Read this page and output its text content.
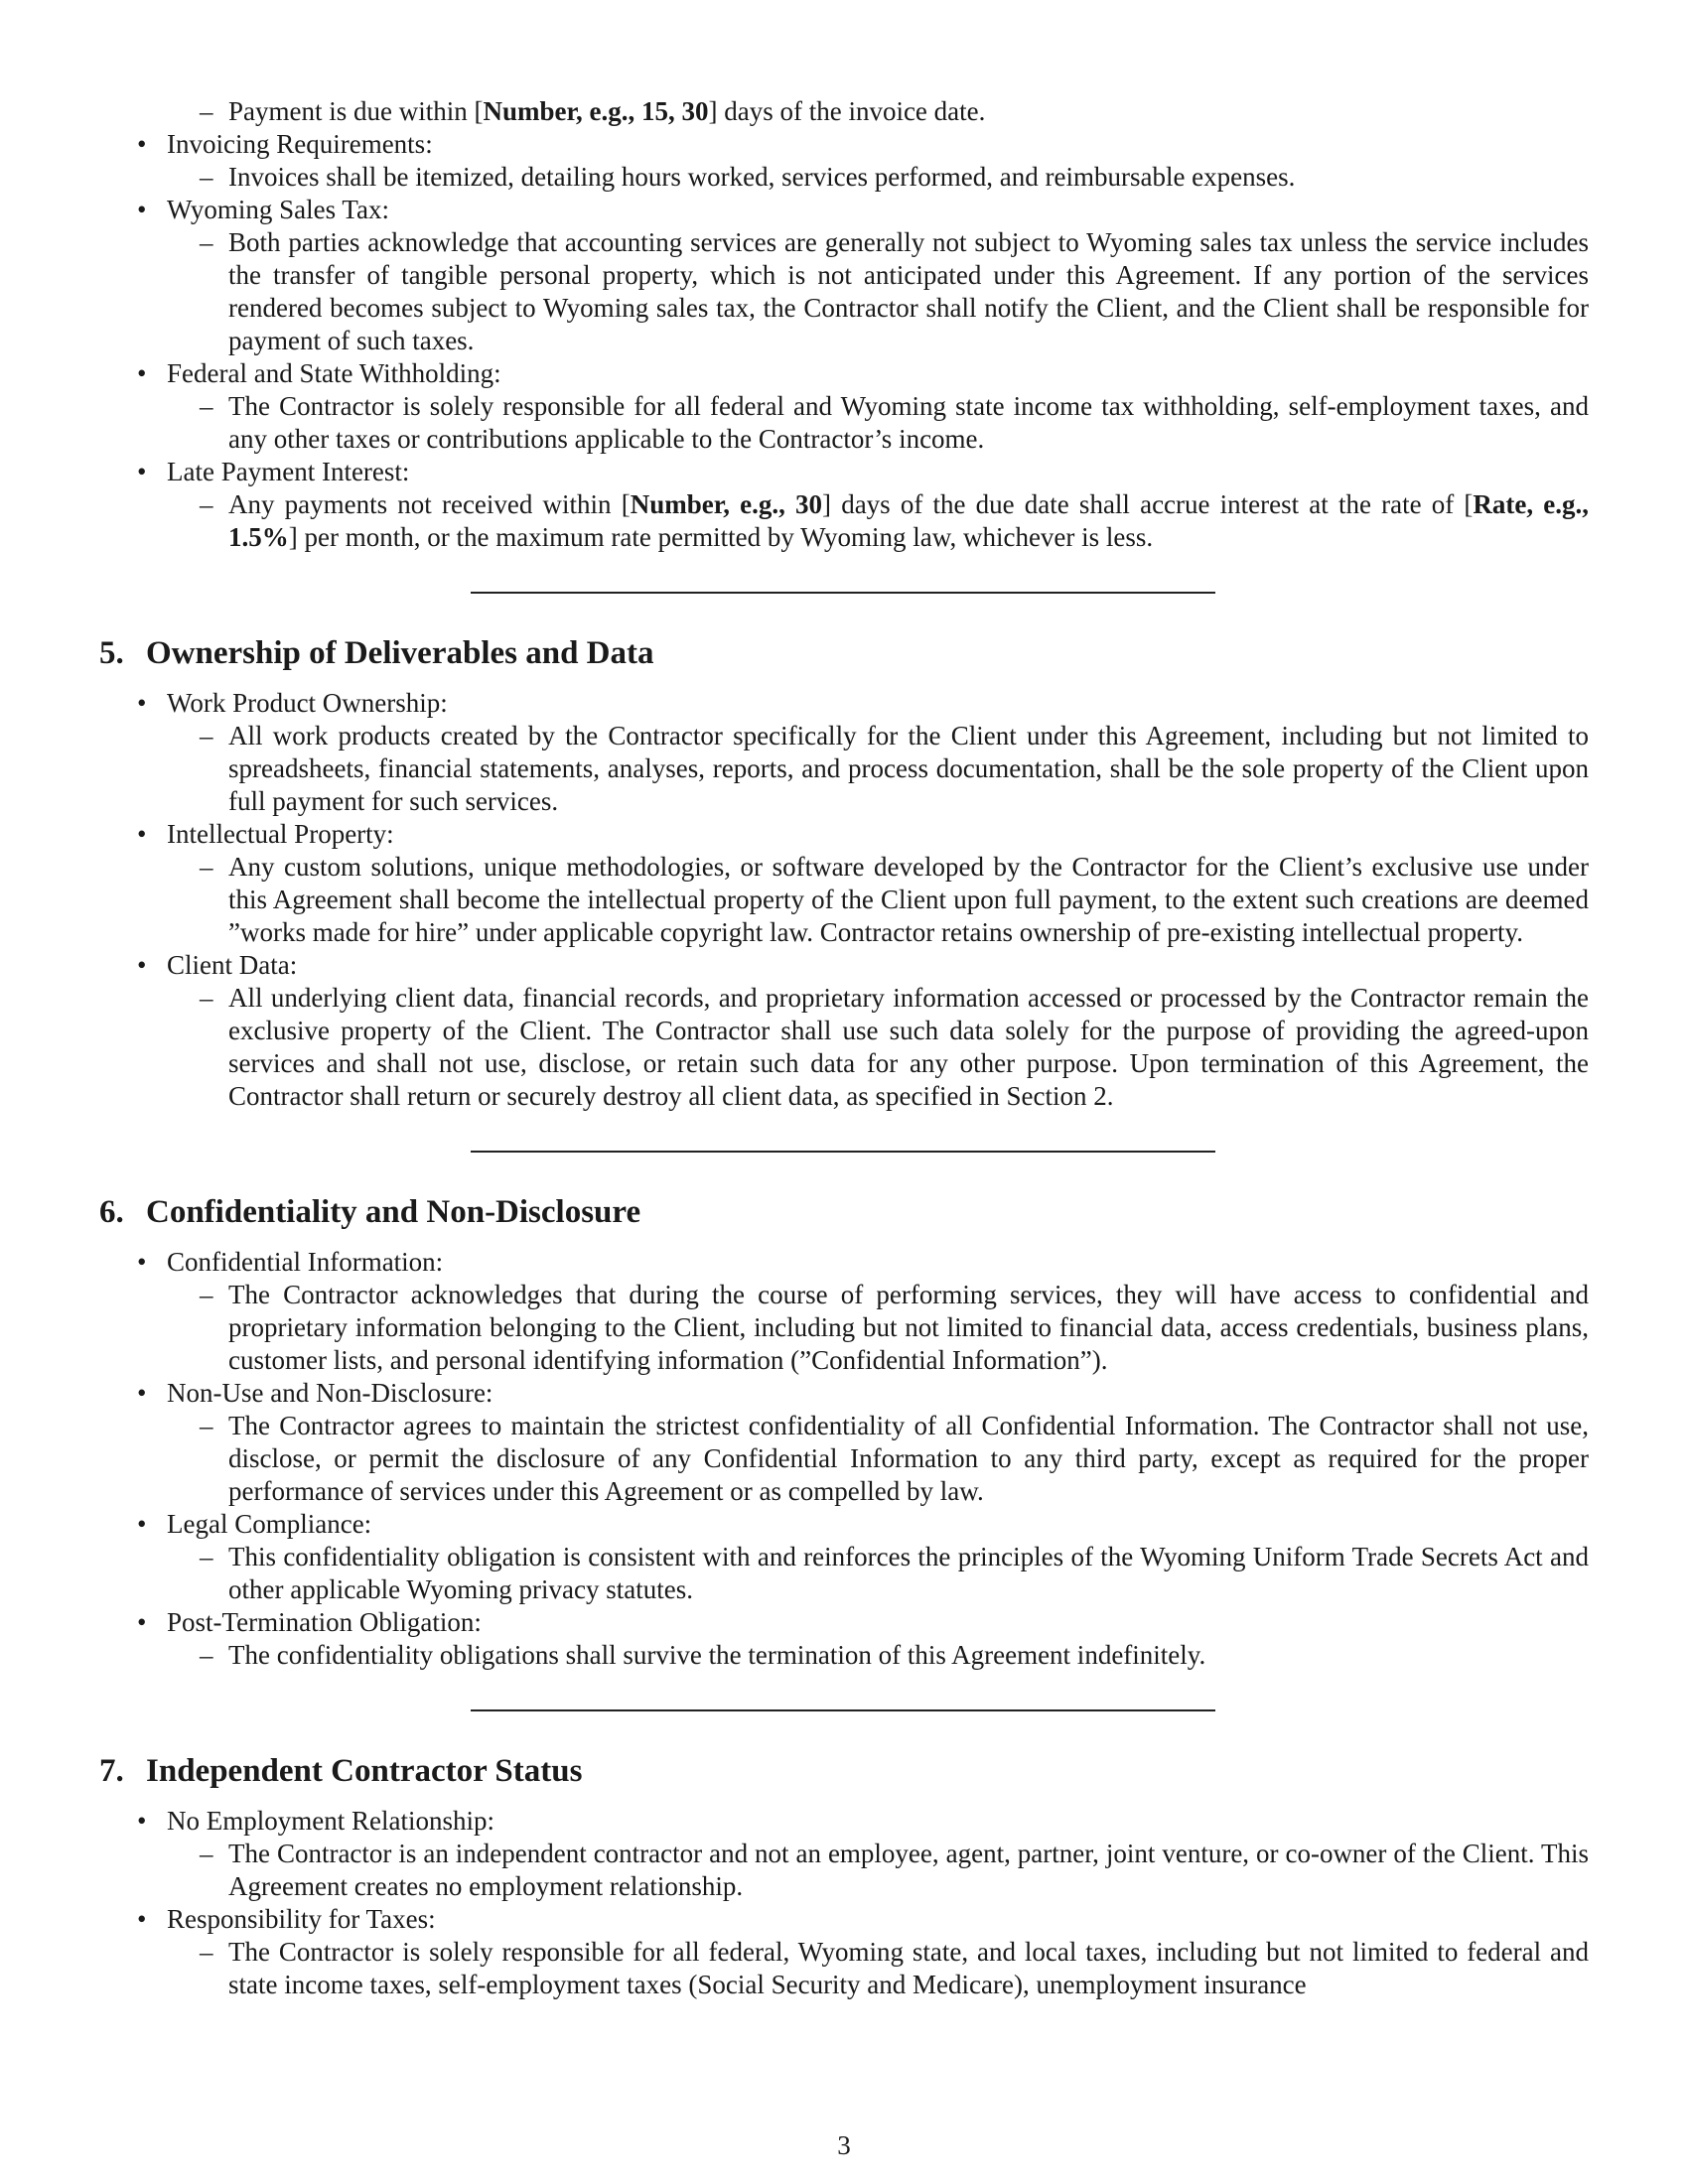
– Payment is due within [Number, e.g., 15, 30] days of the invoice date.
• Invoicing Requirements:
– Invoices shall be itemized, detailing hours worked, services performed, and reimbursable expenses.
• Wyoming Sales Tax:
– Both parties acknowledge that accounting services are generally not subject to Wyoming sales tax unless the service includes the transfer of tangible personal property, which is not anticipated under this Agreement. If any portion of the services rendered becomes subject to Wyoming sales tax, the Contractor shall notify the Client, and the Client shall be responsible for payment of such taxes.
• Federal and State Withholding:
– The Contractor is solely responsible for all federal and Wyoming state income tax withholding, self-employment taxes, and any other taxes or contributions applicable to the Contractor’s income.
• Late Payment Interest:
– Any payments not received within [Number, e.g., 30] days of the due date shall accrue interest at the rate of [Rate, e.g., 1.5%] per month, or the maximum rate permitted by Wyoming law, whichever is less.
5. Ownership of Deliverables and Data
• Work Product Ownership:
– All work products created by the Contractor specifically for the Client under this Agreement, including but not limited to spreadsheets, financial statements, analyses, reports, and process documentation, shall be the sole property of the Client upon full payment for such services.
• Intellectual Property:
– Any custom solutions, unique methodologies, or software developed by the Contractor for the Client’s exclusive use under this Agreement shall become the intellectual property of the Client upon full payment, to the extent such creations are deemed ”works made for hire” under applicable copyright law. Contractor retains ownership of pre-existing intellectual property.
• Client Data:
– All underlying client data, financial records, and proprietary information accessed or processed by the Contractor remain the exclusive property of the Client. The Contractor shall use such data solely for the purpose of providing the agreed-upon services and shall not use, disclose, or retain such data for any other purpose. Upon termination of this Agreement, the Contractor shall return or securely destroy all client data, as specified in Section 2.
6. Confidentiality and Non-Disclosure
• Confidential Information:
– The Contractor acknowledges that during the course of performing services, they will have access to confidential and proprietary information belonging to the Client, including but not limited to financial data, access credentials, business plans, customer lists, and personal identifying information (”Confidential Information”).
• Non-Use and Non-Disclosure:
– The Contractor agrees to maintain the strictest confidentiality of all Confidential Information. The Contractor shall not use, disclose, or permit the disclosure of any Confidential Information to any third party, except as required for the proper performance of services under this Agreement or as compelled by law.
• Legal Compliance:
– This confidentiality obligation is consistent with and reinforces the principles of the Wyoming Uniform Trade Secrets Act and other applicable Wyoming privacy statutes.
• Post-Termination Obligation:
– The confidentiality obligations shall survive the termination of this Agreement indefinitely.
7. Independent Contractor Status
• No Employment Relationship:
– The Contractor is an independent contractor and not an employee, agent, partner, joint venture, or co-owner of the Client. This Agreement creates no employment relationship.
• Responsibility for Taxes:
– The Contractor is solely responsible for all federal, Wyoming state, and local taxes, including but not limited to federal and state income taxes, self-employment taxes (Social Security and Medicare), unemployment insurance
3
